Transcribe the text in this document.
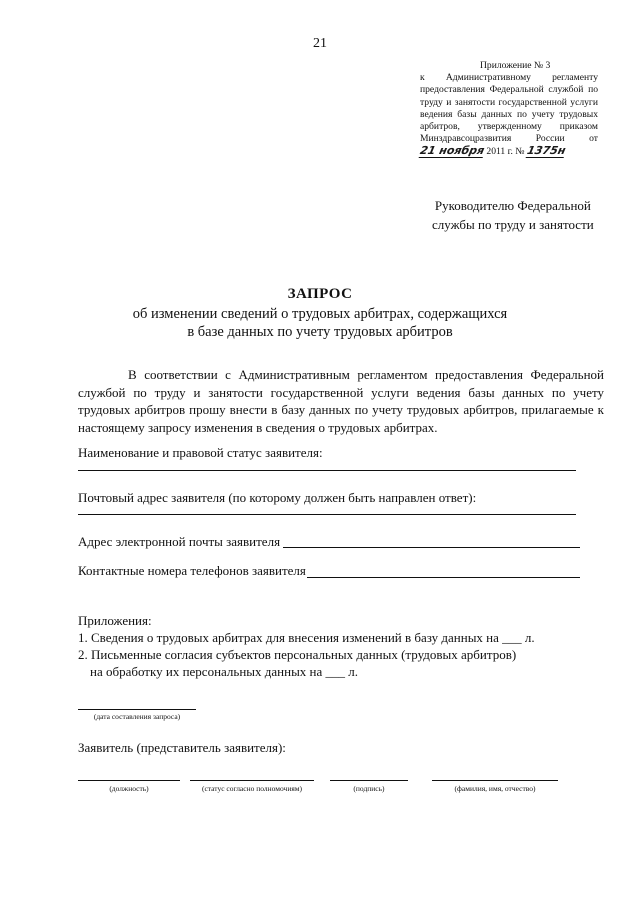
21
Приложение № 3
к Административному регламенту
предоставления Федеральной службой по
труду и занятости государственной услуги
ведения базы данных по учету трудовых
арбитров, утвержденному приказом
Минздравсоцразвития России от
21 ноября 2011 г. № 1375н
Руководителю Федеральной
службы по труду и занятости
ЗАПРОС
об изменении сведений о трудовых арбитрах, содержащихся
в базе данных по учету трудовых арбитров
В соответствии с Административным регламентом предоставления Федеральной службой по труду и занятости государственной услуги ведения базы данных по учету трудовых арбитров прошу внести в базу данных по учету трудовых арбитров, прилагаемые к настоящему запросу изменения в сведения о трудовых арбитрах.
Наименование и правовой статус заявителя:
Почтовый адрес заявителя (по которому должен быть направлен ответ):
Адрес электронной почты заявителя
Контактные номера телефонов заявителя
Приложения:
1. Сведения о трудовых арбитрах для внесения изменений в базу данных на ___ л.
2. Письменные согласия субъектов персональных данных (трудовых арбитров)
на обработку их персональных данных на ___ л.
(дата составления запроса)
Заявитель (представитель заявителя):
(должность)	(статус согласно полномочиям)	(подпись)	(фамилия, имя, отчество)
